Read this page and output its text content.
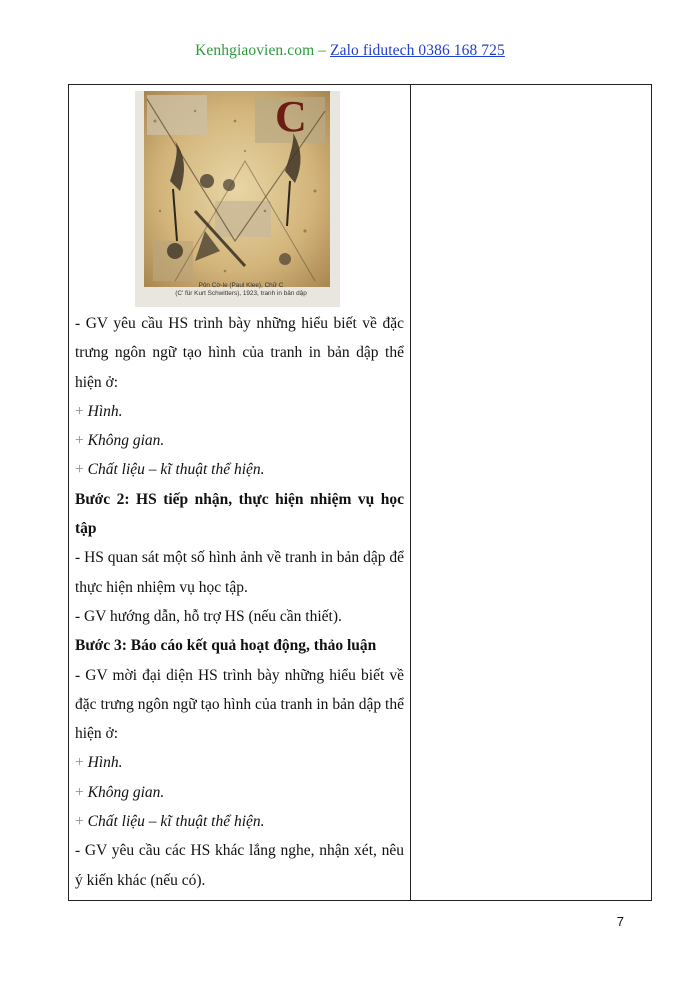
Kenhgiaovien.com – Zalo fidutech 0386 168 725
C
Pôn Cờ-le (Paul Klee), Chữ C
(C' für Kurt Schwitters), 1923, tranh in bản dập

- GV yêu cầu HS trình bày những hiểu biết về đặc trưng ngôn ngữ tạo hình của tranh in bản dập thể hiện ở:

+ Hình.

+ Không gian.

+ Chất liệu – kĩ thuật thể hiện.

Bước 2: HS tiếp nhận, thực hiện nhiệm vụ học tập

- HS quan sát một số hình ảnh về tranh in bản dập để thực hiện nhiệm vụ học tập.

- GV hướng dẫn, hỗ trợ HS (nếu cần thiết).

Bước 3: Báo cáo kết quả hoạt động, thảo luận

- GV mời đại diện HS trình bày những hiểu biết về đặc trưng ngôn ngữ tạo hình của tranh in bản dập thể hiện ở:

+ Hình.

+ Không gian.

+ Chất liệu – kĩ thuật thể hiện.

- GV yêu cầu các HS khác lắng nghe, nhận xét, nêu ý kiến khác (nếu có).

7
